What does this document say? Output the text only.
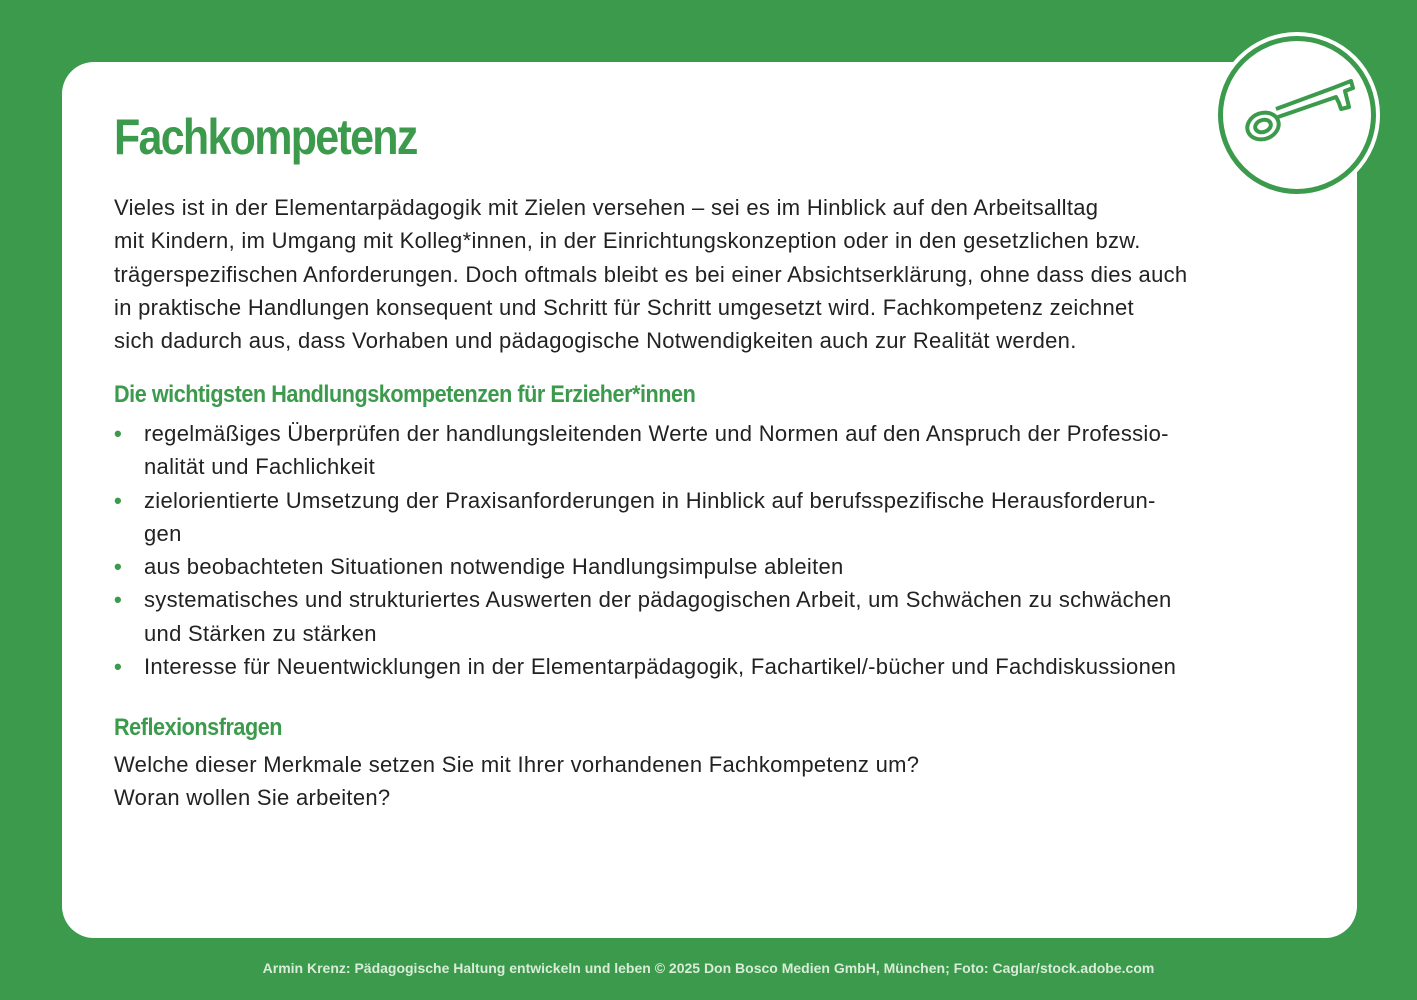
Fachkompetenz
Vieles ist in der Elementarpädagogik mit Zielen versehen – sei es im Hinblick auf den Arbeitsalltag
mit Kindern, im Umgang mit Kolleg*innen, in der Einrichtungskonzeption oder in den gesetzlichen bzw.
trägerspezifischen Anforderungen. Doch oftmals bleibt es bei einer Absichtserklärung, ohne dass dies auch
in praktische Handlungen konsequent und Schritt für Schritt umgesetzt wird. Fachkompetenz zeichnet
sich dadurch aus, dass Vorhaben und pädagogische Notwendigkeiten auch zur Realität werden.
Die wichtigsten Handlungskompetenzen für Erzieher*innen
• regelmäßiges Überprüfen der handlungsleitenden Werte und Normen auf den Anspruch der Professio-
nalität und Fachlichkeit
• zielorientierte Umsetzung der Praxisanforderungen in Hinblick auf berufsspezifische Herausforderun-
gen
• aus beobachteten Situationen notwendige Handlungsimpulse ableiten
• systematisches und strukturiertes Auswerten der pädagogischen Arbeit, um Schwächen zu schwächen
und Stärken zu stärken
• Interesse für Neuentwicklungen in der Elementarpädagogik, Fachartikel/-bücher und Fachdiskussionen
Reflexionsfragen
Welche dieser Merkmale setzen Sie mit Ihrer vorhandenen Fachkompetenz um?
Woran wollen Sie arbeiten?
Armin Krenz: Pädagogische Haltung entwickeln und leben © 2025 Don Bosco Medien GmbH, München; Foto: Caglar/stock.adobe.com
